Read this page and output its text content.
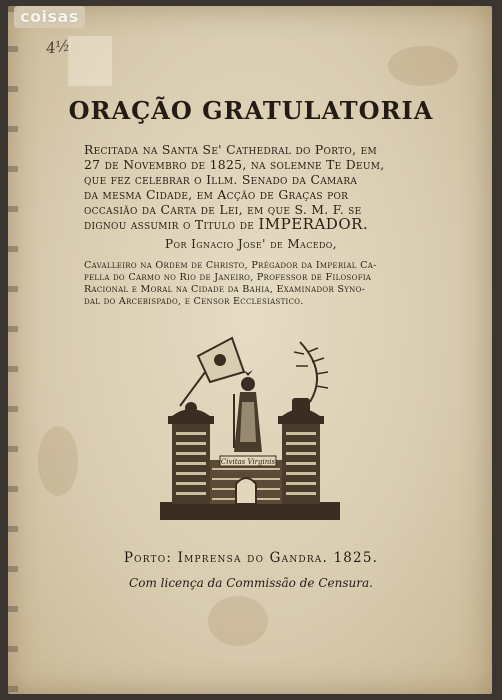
coisas
4½
ORAÇÃO GRATULATORIA
Recitada na Santa Se' Cathedral do Porto, em
27 de Novembro de 1825, na solemne Te Deum,
que fez celebrar o Illm. Senado da Camara
da mesma Cidade, em Acção de Graças por
occasião da Carta de Lei, em que S. M. F. se
dignou assumir o Titulo de IMPERADOR.
Por Ignacio Jose' de Macedo,
Cavalleiro na Ordem de Christo, Prégador da Imperial Ca-
pella do Carmo no Rio de Janeiro, Professor de Filosofia
Racional e Moral na Cidade da Bahia, Examinador Syno-
dal do Arcebispado, e Censor Ecclesiastico.
Civitas Virginis
Porto: Imprensa do Gandra. 1825.
Com licença da Commissão de Censura.
